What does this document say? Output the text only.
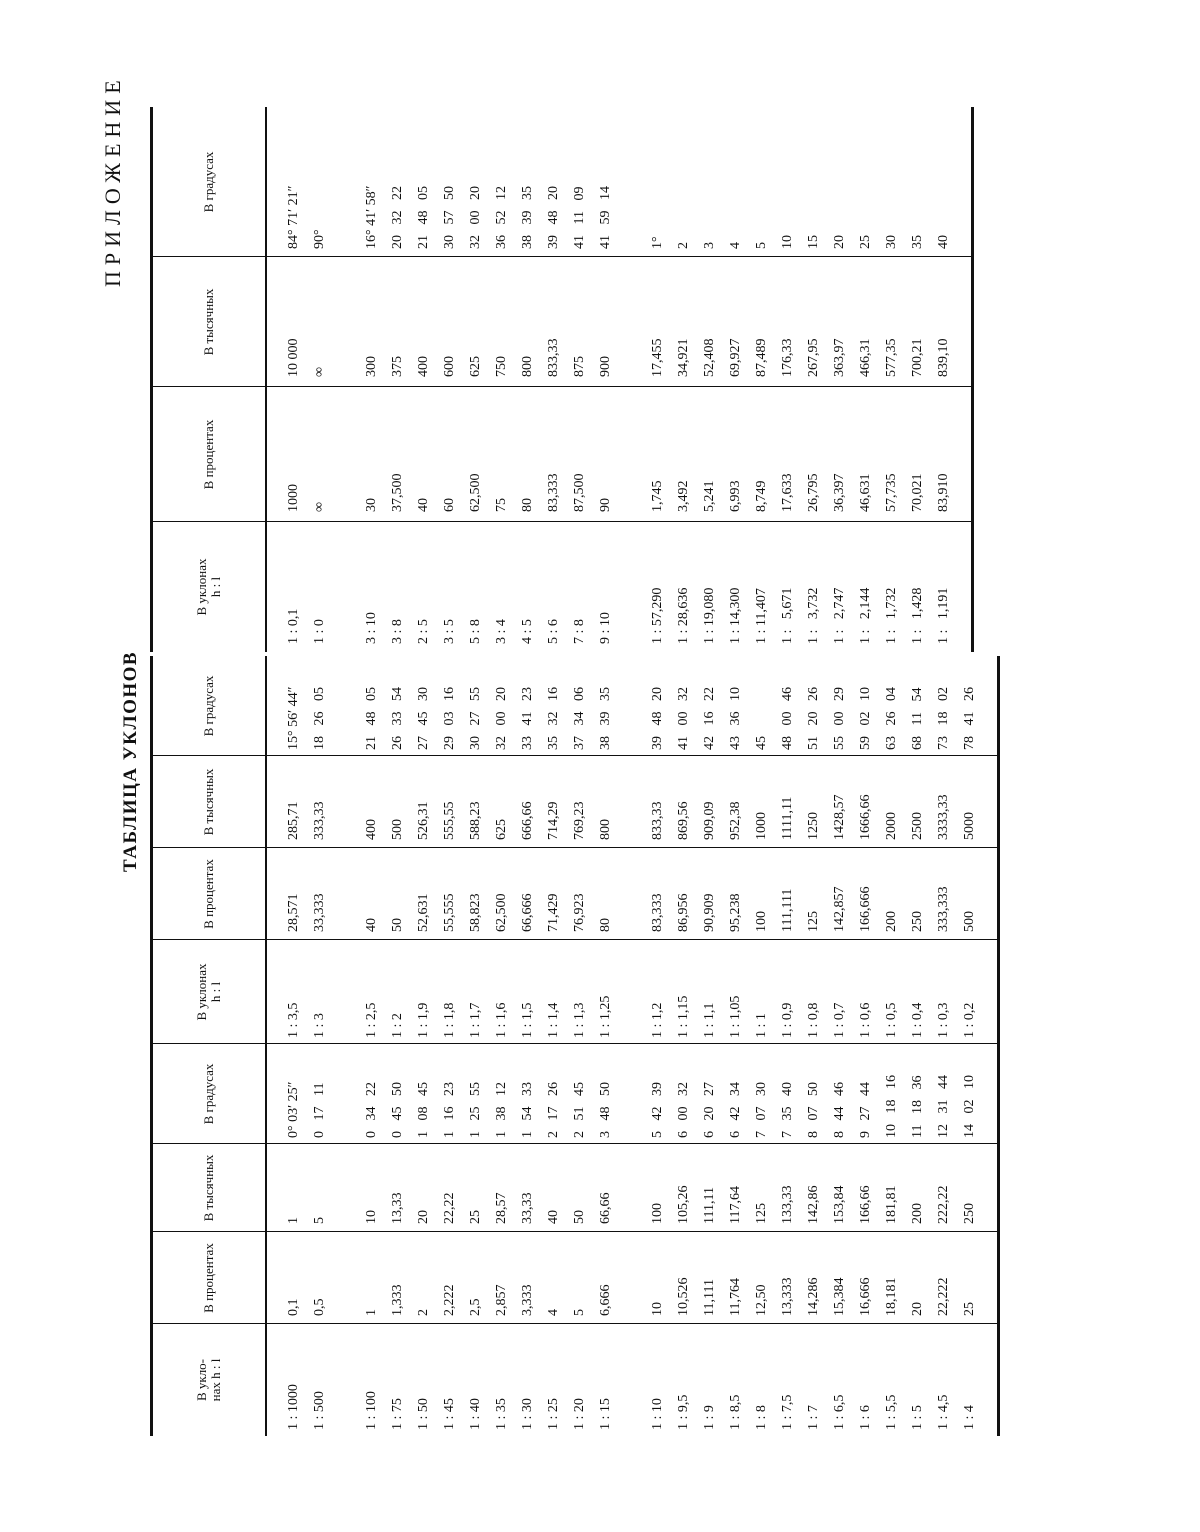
ПРИЛОЖЕНИЕ
ТАБЛИЦА УКЛОНОВ
В укло-
нах h : l
В процентах
В тысячных
В градусах
В уклонах
h : l
В процентах
В тысячных
В градусах
1 : 1000
0,1
1
0° 03′ 25″
1 : 3,5
28,571
285,71
15° 56′ 44″
1 : 500
0,5
5
0   17   11
1 : 3
33,333
333,33
18   26   05
1 : 100
1
10
0   34   22
1 : 2,5
40
400
21   48   05
1 : 75
1,333
13,33
0   45   50
1 : 2
50
500
26   33   54
1 : 50
2
20
1   08   45
1 : 1,9
52,631
526,31
27   45   30
1 : 45
2,222
22,22
1   16   23
1 : 1,8
55,555
555,55
29   03   16
1 : 40
2,5
25
1   25   55
1 : 1,7
58,823
588,23
30   27   55
1 : 35
2,857
28,57
1   38   12
1 : 1,6
62,500
625
32   00   20
1 : 30
3,333
33,33
1   54   33
1 : 1,5
66,666
666,66
33   41   23
1 : 25
4
40
2   17   26
1 : 1,4
71,429
714,29
35   32   16
1 : 20
5
50
2   51   45
1 : 1,3
76,923
769,23
37   34   06
1 : 15
6,666
66,66
3   48   50
1 : 1,25
80
800
38   39   35
1 : 10
10
100
5   42   39
1 : 1,2
83,333
833,33
39   48   20
1 : 9,5
10,526
105,26
6   00   32
1 : 1,15
86,956
869,56
41   00   32
1 : 9
11,111
111,11
6   20   27
1 : 1,1
90,909
909,09
42   16   22
1 : 8,5
11,764
117,64
6   42   34
1 : 1,05
95,238
952,38
43   36   10
1 : 8
12,50
125
7   07   30
1 : 1
100
1000
45
1 : 7,5
13,333
133,33
7   35   40
1 : 0,9
111,111
1111,11
48   00   46
1 : 7
14,286
142,86
8   07   50
1 : 0,8
125
1250
51   20   26
1 : 6,5
15,384
153,84
8   44   46
1 : 0,7
142,857
1428,57
55   00   29
1 : 6
16,666
166,66
9   27   44
1 : 0,6
166,666
1666,66
59   02   10
1 : 5,5
18,181
181,81
10   18   16
1 : 0,5
200
2000
63   26   04
1 : 5
20
200
11   18   36
1 : 0,4
250
2500
68   11   54
1 : 4,5
22,222
222,22
12   31   44
1 : 0,3
333,333
3333,33
73   18   02
1 : 4
25
250
14   02   10
1 : 0,2
500
5000
78   41   26
В уклонах
h : l
В процентах
В тысячных
В градусах
1 : 0,1
1000
10 000
84° 71′ 21″
1 : 0
∞
∞
90°
3 : 10
30
300
16° 41′ 58″
3 : 8
37,500
375
20   32   22
2 : 5
40
400
21   48   05
3 : 5
60
600
30   57   50
5 : 8
62,500
625
32   00   20
3 : 4
75
750
36   52   12
4 : 5
80
800
38   39   35
5 : 6
83,333
833,33
39   48   20
7 : 8
87,500
875
41   11   09
9 : 10
90
900
41   59   14
1 : 57,290
1,745
17,455
1°
1 : 28,636
3,492
34,921
2
1 : 19,080
5,241
52,408
3
1 : 14,300
6,993
69,927
4
1 : 11,407
8,749
87,489
5
1 :   5,671
17,633
176,33
10
1 :   3,732
26,795
267,95
15
1 :   2,747
36,397
363,97
20
1 :   2,144
46,631
466,31
25
1 :   1,732
57,735
577,35
30
1 :   1,428
70,021
700,21
35
1 :   1,191
83,910
839,10
40
